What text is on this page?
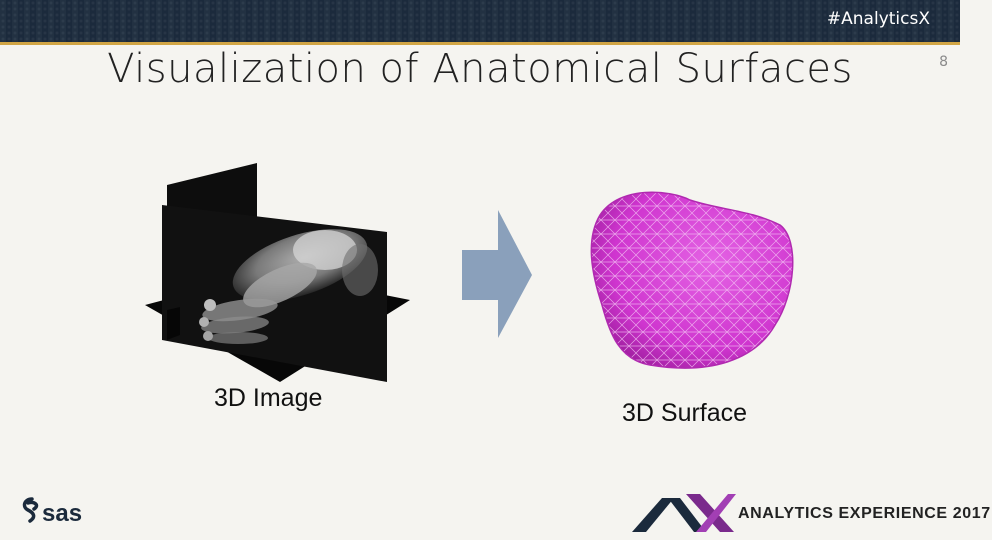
#AnalyticsX
Visualization of Anatomical Surfaces	8
3D Image
3D Surface
sas	ANALYTICS EXPERIENCE 2017
